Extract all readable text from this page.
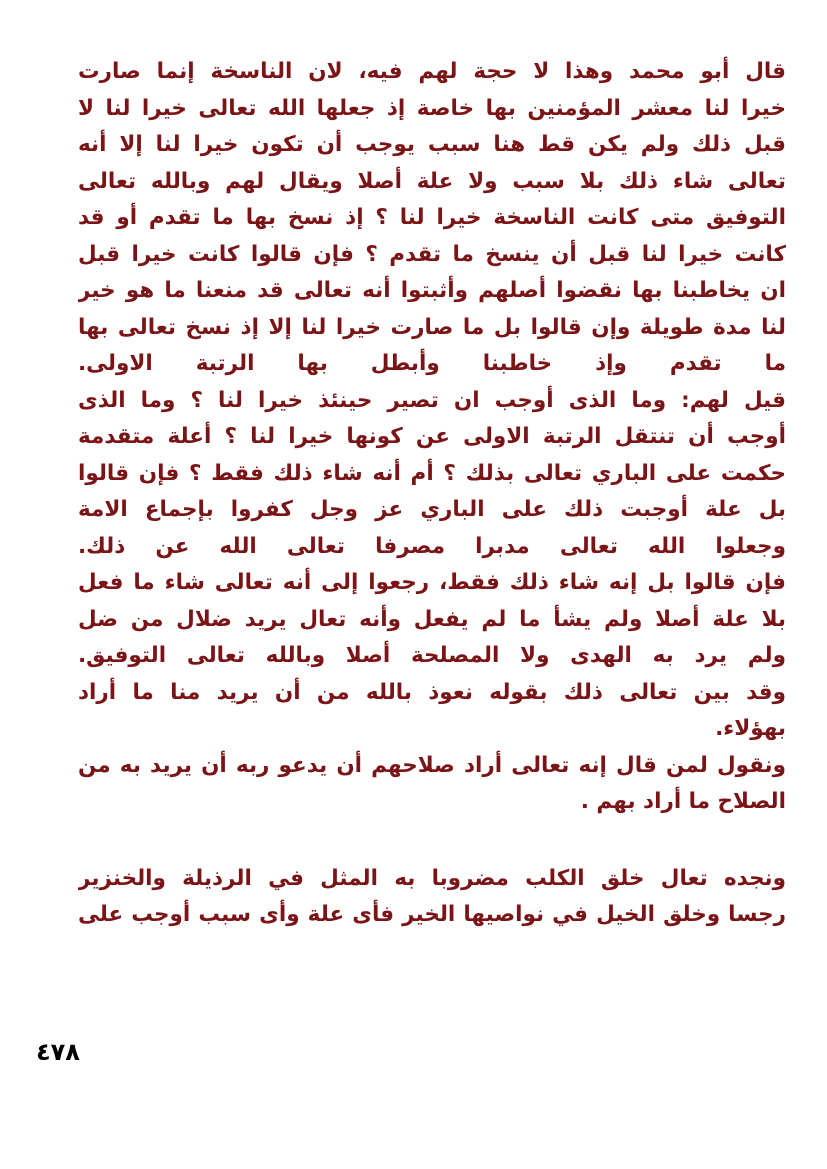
قال أبو محمد وهذا لا حجة لهم فيه، لان الناسخة إنما صارت
خيرا لنا معشر المؤمنين بها خاصة إذ جعلها الله تعالى خيرا لنا لا
قبل ذلك ولم يكن قط هنا سبب يوجب أن تكون خيرا لنا إلا أنه
تعالى شاء ذلك بلا سبب ولا علة أصلا ويقال لهم وبالله تعالى
التوفيق متى كانت الناسخة خيرا لنا ؟ إذ نسخ بها ما تقدم أو قد
كانت خيرا لنا قبل أن ينسخ ما تقدم ؟ فإن قالوا كانت خيرا قبل
ان يخاطبنا بها نقضوا أصلهم وأثبتوا أنه تعالى قد منعنا ما هو خير
لنا مدة طويلة وإن قالوا بل ما صارت خيرا لنا إلا إذ نسخ تعالى بها
ما تقدم وإذ خاطبنا وأبطل بها الرتبة الاولى.
قيل لهم: وما الذى أوجب ان تصير حينئذ خيرا لنا ؟ وما الذى
أوجب أن تنتقل الرتبة الاولى عن كونها خيرا لنا ؟ أعلة متقدمة
حكمت على الباري تعالى بذلك ؟ أم أنه شاء ذلك فقط ؟ فإن قالوا
بل علة أوجبت ذلك على الباري عز وجل كفروا بإجماع الامة
وجعلوا الله تعالى مدبرا مصرفا تعالى الله عن ذلك.
فإن قالوا بل إنه شاء ذلك فقط، رجعوا إلى أنه تعالى شاء ما فعل
بلا علة أصلا ولم يشأ ما لم يفعل وأنه تعال يريد ضلال من ضل
ولم يرد به الهدى ولا المصلحة أصلا وبالله تعالى التوفيق.
وقد بين تعالى ذلك بقوله نعوذ بالله من أن يريد منا ما أراد
بهؤلاء.
ونقول لمن قال إنه تعالى أراد صلاحهم أن يدعو ربه أن يريد به من
الصلاح ما أراد بهم .
ونجده تعال خلق الكلب مضروبا به المثل في الرذيلة والخنزير
رجسا وخلق الخيل في نواصيها الخير فأى علة وأى سبب أوجب على
٤٧٨
